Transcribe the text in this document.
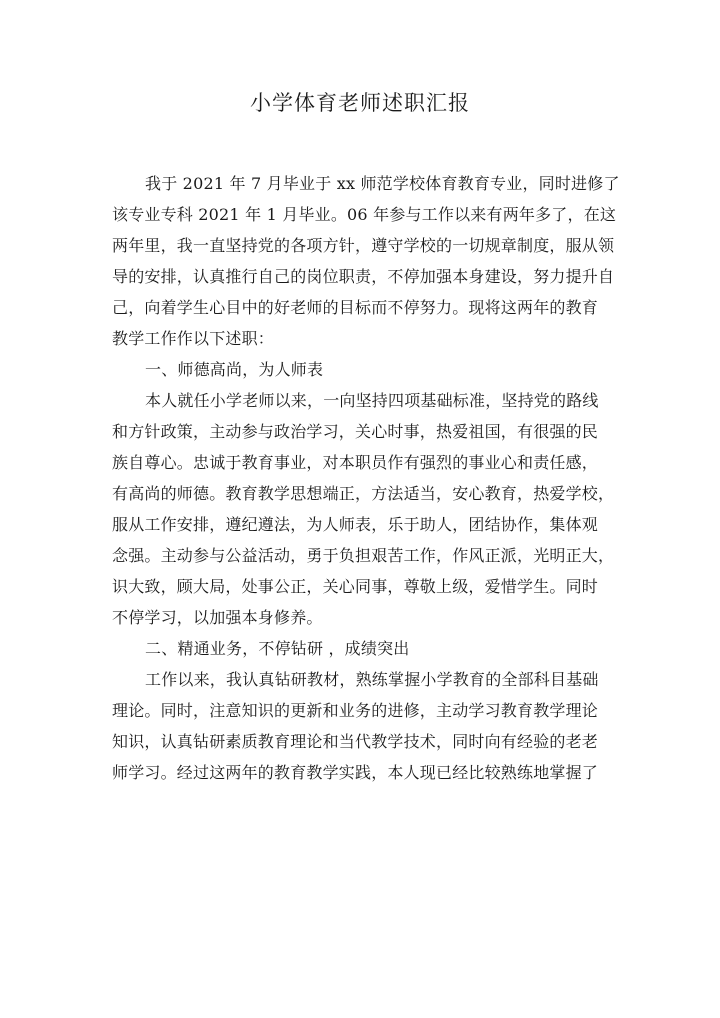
小学体育老师述职汇报
我于 2021 年 7 月毕业于 xx 师范学校体育教育专业，同时进修了
该专业专科 2021 年 1 月毕业。06 年参与工作以来有两年多了，在这
两年里，我一直坚持党的各项方针，遵守学校的一切规章制度，服从领
导的安排，认真推行自己的岗位职责，不停加强本身建设，努力提升自
己，向着学生心目中的好老师的目标而不停努力。现将这两年的教育
教学工作作以下述职：
一、师德高尚，为人师表
本人就任小学老师以来，一向坚持四项基础标准，坚持党的路线
和方针政策，主动参与政治学习，关心时事，热爱祖国，有很强的民
族自尊心。忠诚于教育事业，对本职员作有强烈的事业心和责任感，
有高尚的师德。教育教学思想端正，方法适当，安心教育，热爱学校，
服从工作安排，遵纪遵法，为人师表，乐于助人，团结协作，集体观
念强。主动参与公益活动，勇于负担艰苦工作，作风正派，光明正大，
识大致，顾大局，处事公正，关心同事，尊敬上级，爱惜学生。同时
不停学习，以加强本身修养。
二、精通业务，不停钻研 ，成绩突出
工作以来，我认真钻研教材，熟练掌握小学教育的全部科目基础
理论。同时，注意知识的更新和业务的进修，主动学习教育教学理论
知识，认真钻研素质教育理论和当代教学技术，同时向有经验的老老
师学习。经过这两年的教育教学实践，本人现已经比较熟练地掌握了
